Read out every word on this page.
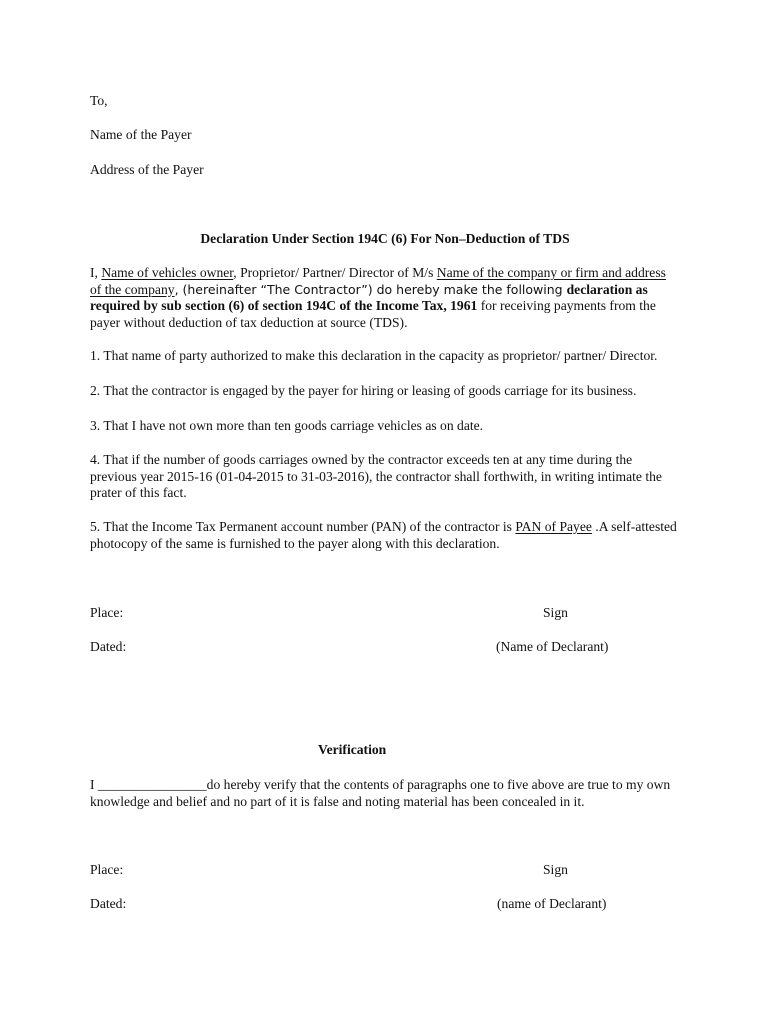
To,

Name of the Payer

Address of the Payer

Declaration Under Section 194C (6) For Non–Deduction of TDS

I, Name of vehicles owner, Proprietor/ Partner/ Director of M/s Name of the company or firm and address of the company, (hereinafter “The Contractor”) do hereby make the following declaration as required by sub section (6) of section 194C of the Income Tax, 1961 for receiving payments from the payer without deduction of tax deduction at source (TDS).

1. That name of party authorized to make this declaration in the capacity as proprietor/ partner/ Director.

2. That the contractor is engaged by the payer for hiring or leasing of goods carriage for its business.

3. That I have not own more than ten goods carriage vehicles as on date.

4. That if the number of goods carriages owned by the contractor exceeds ten at any time during the previous year 2015-16 (01-04-2015 to 31-03-2016), the contractor shall forthwith, in writing intimate the prater of this fact.

5. That the Income Tax Permanent account number (PAN) of the contractor is PAN of Payee .A self-attested photocopy of the same is furnished to the payer along with this declaration.

Place:	Sign

Dated:	(Name of Declarant)

Verification

I ________________do hereby verify that the contents of paragraphs one to five above are true to my own knowledge and belief and no part of it is false and noting material has been concealed in it.

Place:	Sign

Dated:	(name of Declarant)
